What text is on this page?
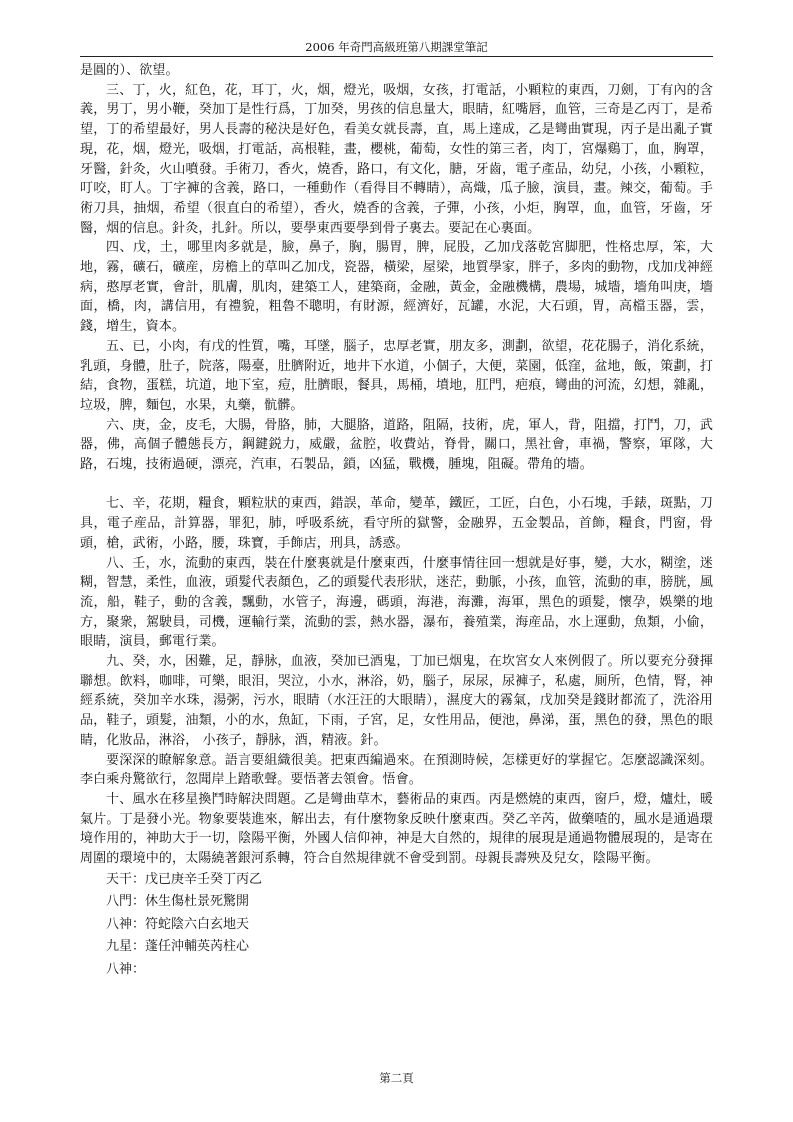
2006 年奇門高級班第八期課堂筆記

是圓的）、欲望。

三、丁，火，紅色，花，耳丁，火，烟，燈光，吸烟，女孩，打電話，小顆粒的東西，刀劍，丁有內的含義，男丁，男小鞭，癸加丁是性行爲，丁加癸，男孩的信息量大，眼睛，紅嘴唇，血管，三奇是乙丙丁，是希望，丁的希望最好，男人長壽的秘決是好色，看美女就長壽，直，馬上達成，乙是彎曲實現，丙子是出亂子實現，花，烟，燈光，吸烟，打電話，高根鞋，畫，櫻桃，葡萄，女性的第三者，肉丁，宮爆鷄丁，血，胸罩，牙醫，針灸，火山噴發。手術刀，香火，燒香，路口，有文化，膅，牙齒，電子產品，幼兒，小孩，小顆粒，叮咬，盯人。丁字褲的含義，路口，一種動作（看得目不轉睛），高熾，瓜子臉，演員，畫。辣交，葡萄。手術刀具，抽烟，希望（很直白的希望），香火，燒香的含義，子彈，小孩，小炬，胸罩，血，血管，牙齒，牙醫，烟的信息。針灸，扎針。所以，要學東西要學到骨子裏去。要記在心裏面。

四、戊，土，哪里肉多就是，臉，鼻子，胸，腸胃，脾，屁股，乙加戊落乾宮脚肥，性格忠厚，笨，大地，霧，礦石，礦産，房檐上的草叫乙加戊，瓷器，橫梁，屋梁，地質學家，胖子，多肉的動物，戊加戊神經病，憨厚老實，會計，肌膚，肌肉，建築工人，建築商，金融，黃金，金融機構，農場，城墻，墻角叫庚，墻面，橋，肉，講信用，有禮貌，粗魯不聰明，有財源，經濟好，瓦罐，水泥，大石頭，胃，高檔玉器，雲，錢，增生，資本。

五、已，小肉，有戊的性質，嘴，耳墜，腦子，忠厚老實，朋友多，測劃，欲望，花花腸子，消化系統，乳頭，身體，肚子，院落，陽臺，肚臍附近，地井下水道，小個子，大便，菜園，低窪，盆地，飯，策劃，打結，食物，蛋糕，坑道，地下室，痘，肚臍眼，餐具，馬桶，墳地，肛門，疤痕，彎曲的河流，幻想，雜亂，垃圾，脾，麵包，水果，丸藥，骯髒。

六、庚，金，皮毛，大腸，骨胳，肺，大腿胳，道路，阻隔，技術，虎，軍人，背，阻擋，打鬥，刀，武器，佛，高個子體態長方，鋼鍵鋭力，威嚴，盆腔，收費站，脊骨，關口，黑社會，車禍，警察，軍隊，大路，石塊，技術過硬，漂亮，汽車，石製品，鎖，凶猛，戰機，腫塊，阻礙。帶角的墻。

七、辛，花期，糧食，顆粒狀的東西，錯誤，革命，變革，鐵匠，工匠，白色，小石塊，手錶，斑點，刀具，電子産品，計算器，罪犯，肺，呼吸系統，看守所的獄警，金融界，五金製品，首飾，糧食，門窗，骨頭，槍，武術，小路，腰，珠寶，手飾店，刑具，誘惑。

八、壬，水，流動的東西，裝在什麼裏就是什麼東西，什麼事情往回一想就是好事，變，大水，糊塗，迷糊，智慧，柔性，血液，頭髮代表顏色，乙的頭髮代表形狀，迷茫，動脈，小孩，血管，流動的車，膀胱，風流，船，鞋子，動的含義，飄動，水管子，海邊，碼頭，海港，海灘，海軍，黑色的頭髮，懷孕，娛樂的地方，聚衆，駕駛員，司機，運輸行業，流動的雲，熱水器，瀑布，養殖業，海産品，水上運動，魚類，小偷，眼睛，演員，郵電行業。

九、癸，水，困難，足，靜脉，血液，癸加已酒鬼，丁加已烟鬼，在坎宮女人來例假了。所以要充分發揮聯想。飲料，咖啡，可樂，眼泪，哭泣，小水，淋浴，奶，腦子，尿尿，尿褲子，私處，厠所，色情，腎，神經系統，癸加辛水珠，湯粥，污水，眼睛（水汪汪的大眼睛），濕度大的霧氣，戊加癸是錢財都流了，洗浴用品，鞋子，頭髮，油類，小的水，魚缸，下雨，子宮，足，女性用品，便池，鼻涕，蛋，黑色的發，黑色的眼睛，化妝品，淋浴， 小孩子，靜脉，酒，精液。針。

要深深的瞭解象意。語言要組織很美。把東西編過來。在預測時候，怎樣更好的掌握它。怎麼認識深刻。李白乘舟驚欲行，忽聞岸上踏歌聲。要悟著去領會。悟會。

十、風水在移星換鬥時解決問題。乙是彎曲草木，藝術品的東西。丙是燃燒的東西，窗戶，燈，爐灶，暖氣片。丁是發小光。物象要裝進來，解出去，有什麼物象反映什麼東西。癸乙辛芮，做藥喳的，風水是通過環境作用的，神助大于一切，陰陽平衡，外國人信仰神，神是大自然的，規律的展現是通過物體展現的，是寄在周圍的環境中的，太陽繞著銀河系轉，符合自然規律就不會受到罰。母親長壽殃及兒女，陰陽平衡。

天干：戊已庚辛壬癸丁丙乙
八門：休生傷杜景死驚開
八神：符蛇陰六白玄地天
九星：蓬任沖輔英芮柱心
八神：
第二頁
